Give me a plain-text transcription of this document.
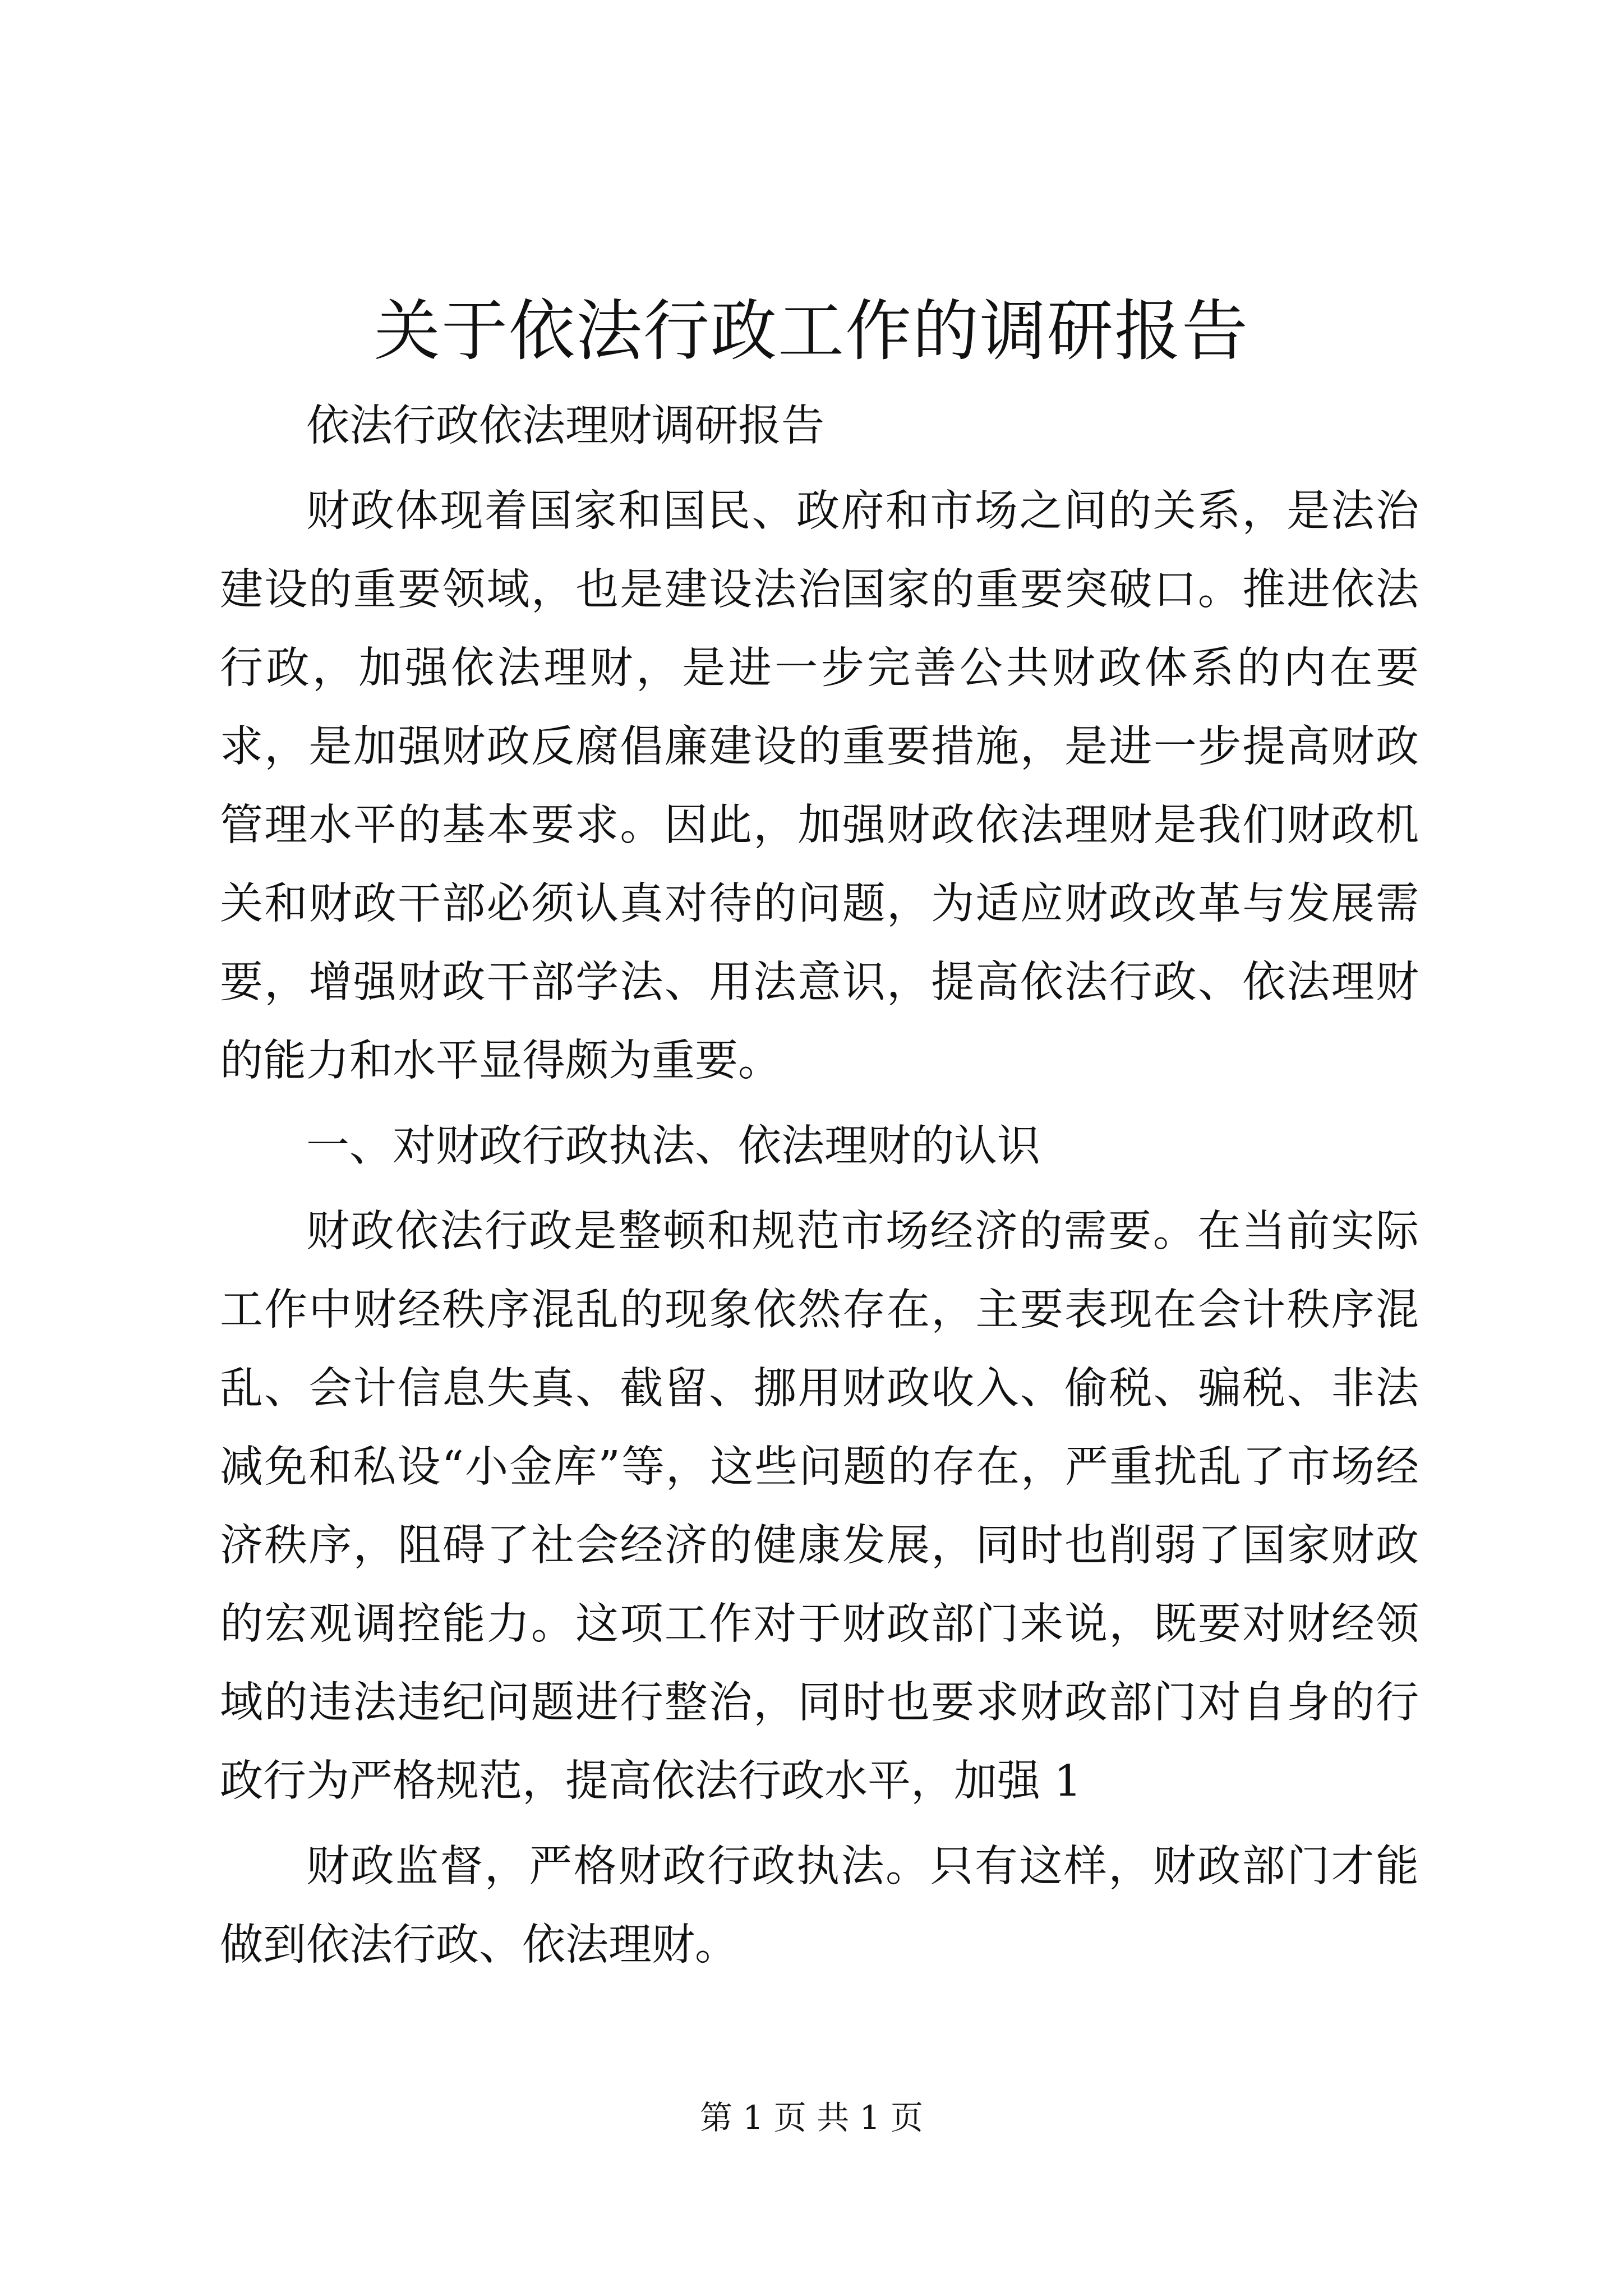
关于依法行政工作的调研报告

依法行政依法理财调研报告

财政体现着国家和国民、政府和市场之间的关系，是法治建设的重要领域，也是建设法治国家的重要突破口。推进依法行政，加强依法理财，是进一步完善公共财政体系的内在要求，是加强财政反腐倡廉建设的重要措施，是进一步提高财政管理水平的基本要求。因此，加强财政依法理财是我们财政机关和财政干部必须认真对待的问题，为适应财政改革与发展需要，增强财政干部学法、用法意识，提高依法行政、依法理财的能力和水平显得颇为重要。

一、对财政行政执法、依法理财的认识

财政依法行政是整顿和规范市场经济的需要。在当前实际工作中财经秩序混乱的现象依然存在，主要表现在会计秩序混乱、会计信息失真、截留、挪用财政收入、偷税、骗税、非法减免和私设“小金库”等，这些问题的存在，严重扰乱了市场经济秩序，阻碍了社会经济的健康发展，同时也削弱了国家财政的宏观调控能力。这项工作对于财政部门来说，既要对财经领域的违法违纪问题进行整治，同时也要求财政部门对自身的行政行为严格规范，提高依法行政水平，加强 1

财政监督，严格财政行政执法。只有这样，财政部门才能做到依法行政、依法理财。

第 1 页 共 1 页
